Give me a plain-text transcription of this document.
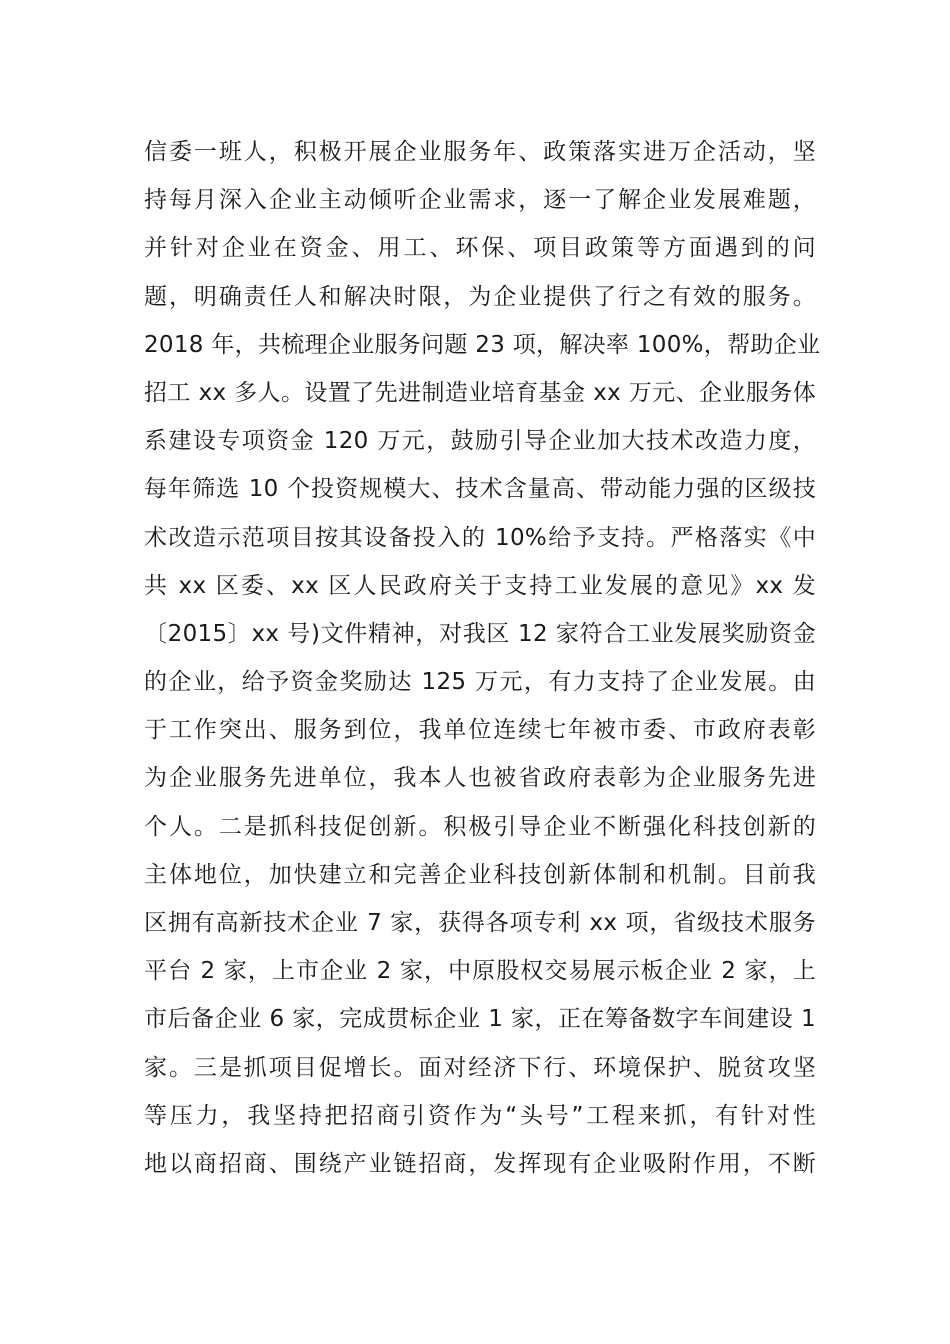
信委一班人，积极开展企业服务年、政策落实进万企活动，坚
持每月深入企业主动倾听企业需求，逐一了解企业发展难题，
并针对企业在资金、用工、环保、项目政策等方面遇到的问
题，明确责任人和解决时限，为企业提供了行之有效的服务。
2018 年，共梳理企业服务问题 23 项，解决率 100%，帮助企业
招工 xx 多人。设置了先进制造业培育基金 xx 万元、企业服务体
系建设专项资金 120 万元，鼓励引导企业加大技术改造力度，
每年筛选 10 个投资规模大、技术含量高、带动能力强的区级技
术改造示范项目按其设备投入的 10%给予支持。严格落实《中
共 xx 区委、xx 区人民政府关于支持工业发展的意见》xx 发
〔2015〕xx 号)文件精神，对我区 12 家符合工业发展奖励资金
的企业，给予资金奖励达 125 万元，有力支持了企业发展。由
于工作突出、服务到位，我单位连续七年被市委、市政府表彰
为企业服务先进单位，我本人也被省政府表彰为企业服务先进
个人。二是抓科技促创新。积极引导企业不断强化科技创新的
主体地位，加快建立和完善企业科技创新体制和机制。目前我
区拥有高新技术企业 7 家，获得各项专利 xx 项，省级技术服务
平台 2 家，上市企业 2 家，中原股权交易展示板企业 2 家，上
市后备企业 6 家，完成贯标企业 1 家，正在筹备数字车间建设 1
家。三是抓项目促增长。面对经济下行、环境保护、脱贫攻坚
等压力，我坚持把招商引资作为“头号”工程来抓，有针对性
地以商招商、围绕产业链招商，发挥现有企业吸附作用，不断
